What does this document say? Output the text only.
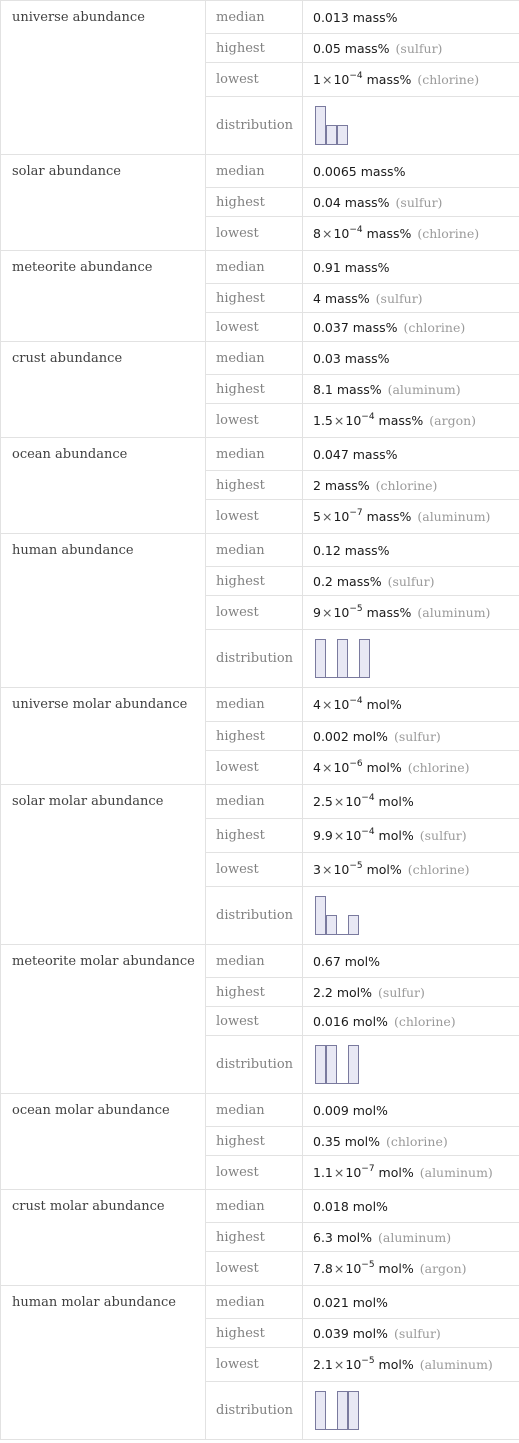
universe abundance	median	0.013 mass%
	highest	0.05 mass% (sulfur)
	lowest	$1\times 10^{-4}$ mass% (chlorine)
	distribution	

solar abundance	median	0.0065 mass%
	highest	0.04 mass% (sulfur)
	lowest	$8\times 10^{-4}$ mass% (chlorine)
meteorite abundance	median	0.91 mass%
	highest	4 mass% (sulfur)
	lowest	0.037 mass% (chlorine)
crust abundance	median	0.03 mass%
	highest	8.1 mass% (aluminum)
	lowest	$1.5\times 10^{-4}$ mass% (argon)
ocean abundance	median	0.047 mass%
	highest	2 mass% (chlorine)
	lowest	$5\times 10^{-7}$ mass% (aluminum)
human abundance	median	0.12 mass%
	highest	0.2 mass% (sulfur)
	lowest	$9\times 10^{-5}$ mass% (aluminum)
	distribution	

universe molar abundance	median	$4\times 10^{-4}$ mol%
	highest	0.002 mol% (sulfur)
	lowest	$4\times 10^{-6}$ mol% (chlorine)
solar molar abundance	median	$2.5\times 10^{-4}$ mol%
	highest	$9.9\times 10^{-4}$ mol% (sulfur)
	lowest	$3\times 10^{-5}$ mol% (chlorine)
	distribution	

meteorite molar abundance	median	0.67 mol%
	highest	2.2 mol% (sulfur)
	lowest	0.016 mol% (chlorine)
	distribution	

ocean molar abundance	median	0.009 mol%
	highest	0.35 mol% (chlorine)
	lowest	$1.1\times 10^{-7}$ mol% (aluminum)
crust molar abundance	median	0.018 mol%
	highest	6.3 mol% (aluminum)
	lowest	$7.8\times 10^{-5}$ mol% (argon)
human molar abundance	median	0.021 mol%
	highest	0.039 mol% (sulfur)
	lowest	$2.1\times 10^{-5}$ mol% (aluminum)
	distribution	
